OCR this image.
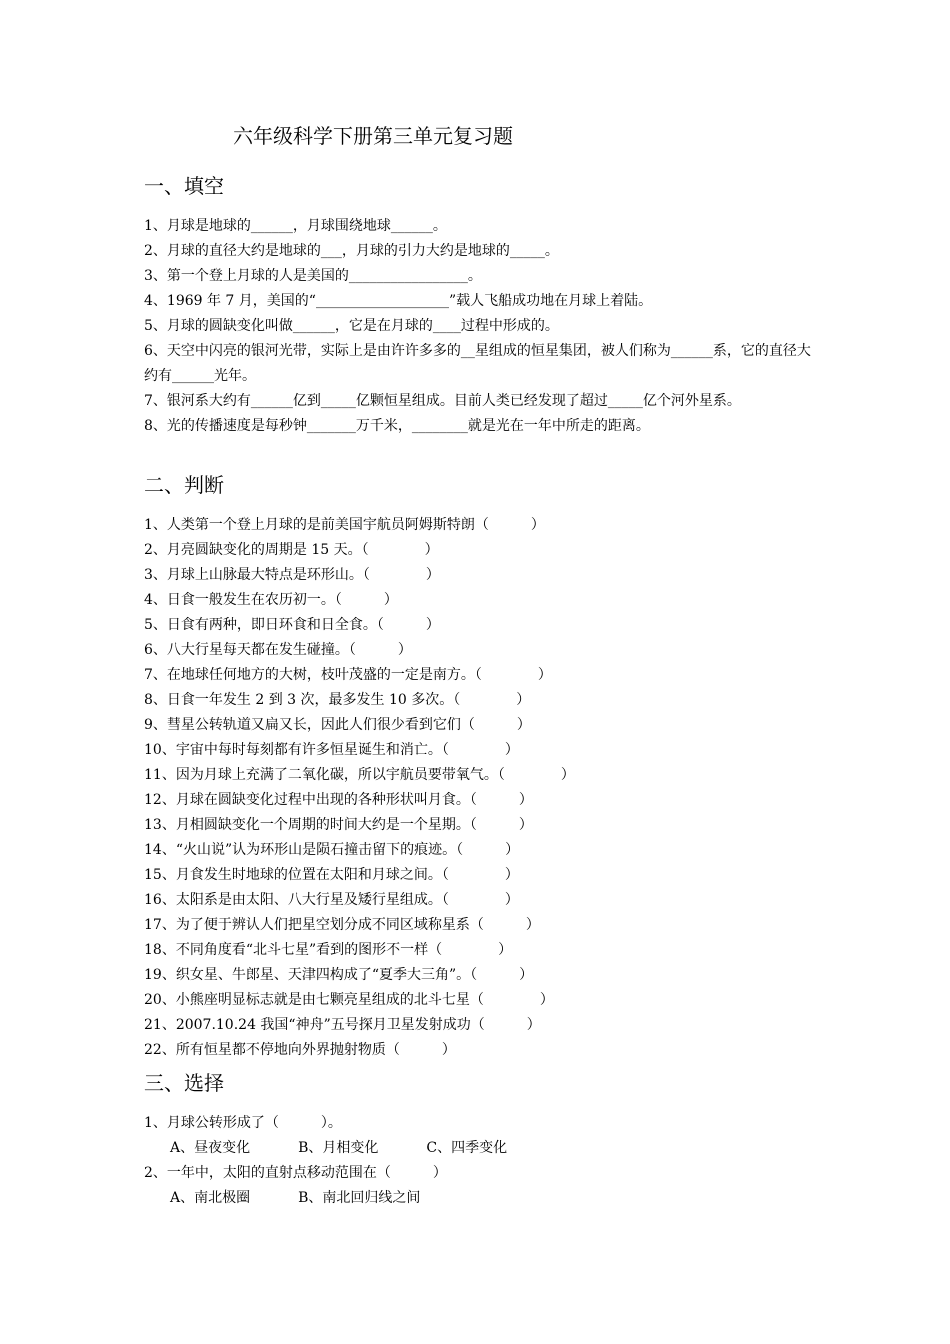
六年级科学下册第三单元复习题
一、填空
1、月球是地球的______，月球围绕地球______。
2、月球的直径大约是地球的___，月球的引力大约是地球的_____。
3、第一个登上月球的人是美国的_________________。
4、1969 年 7 月，美国的“___________________”载人飞船成功地在月球上着陆。
5、月球的圆缺变化叫做______，它是在月球的____过程中形成的。
6、天空中闪亮的银河光带，实际上是由许许多多的__星组成的恒星集团，被人们称为______系，它的直径大约有______光年。
7、银河系大约有______亿到_____亿颗恒星组成。目前人类已经发现了超过_____亿个河外星系。
8、光的传播速度是每秒钟_______万千米，________就是光在一年中所走的距离。
二、判断
1、人类第一个登上月球的是前美国宇航员阿姆斯特朗（　　　）
2、月亮圆缺变化的周期是 15 天。（　　　　）
3、月球上山脉最大特点是环形山。（　　　　）
4、日食一般发生在农历初一。（　　　）
5、日食有两种，即日环食和日全食。（　　　）
6、八大行星每天都在发生碰撞。（　　　）
7、在地球任何地方的大树，枝叶茂盛的一定是南方。（　　　　）
8、日食一年发生 2 到 3 次，最多发生 10 多次。（　　　　）
9、彗星公转轨道又扁又长，因此人们很少看到它们（　　　）
10、宇宙中每时每刻都有许多恒星诞生和消亡。（　　　　）
11、因为月球上充满了二氧化碳，所以宇航员要带氧气。（　　　　）
12、月球在圆缺变化过程中出现的各种形状叫月食。（　　　）
13、月相圆缺变化一个周期的时间大约是一个星期。（　　　）
14、“火山说”认为环形山是陨石撞击留下的痕迹。（　　　）
15、月食发生时地球的位置在太阳和月球之间。（　　　　）
16、太阳系是由太阳、八大行星及矮行星组成。（　　　　）
17、为了便于辨认人们把星空划分成不同区域称星系（　　　）
18、不同角度看“北斗七星”看到的图形不一样（　　　　）
19、织女星、牛郎星、天津四构成了“夏季大三角”。（　　　）
20、小熊座明显标志就是由七颗亮星组成的北斗七星（　　　　）
21、2007.10.24 我国“神舟”五号探月卫星发射成功（　　　）
22、所有恒星都不停地向外界抛射物质（　　　）
三、选择
1、月球公转形成了（　　　）。
A、昼夜变化	B、月相变化	C、四季变化
2、一年中，太阳的直射点移动范围在（　　　）
A、南北极圈	B、南北回归线之间
